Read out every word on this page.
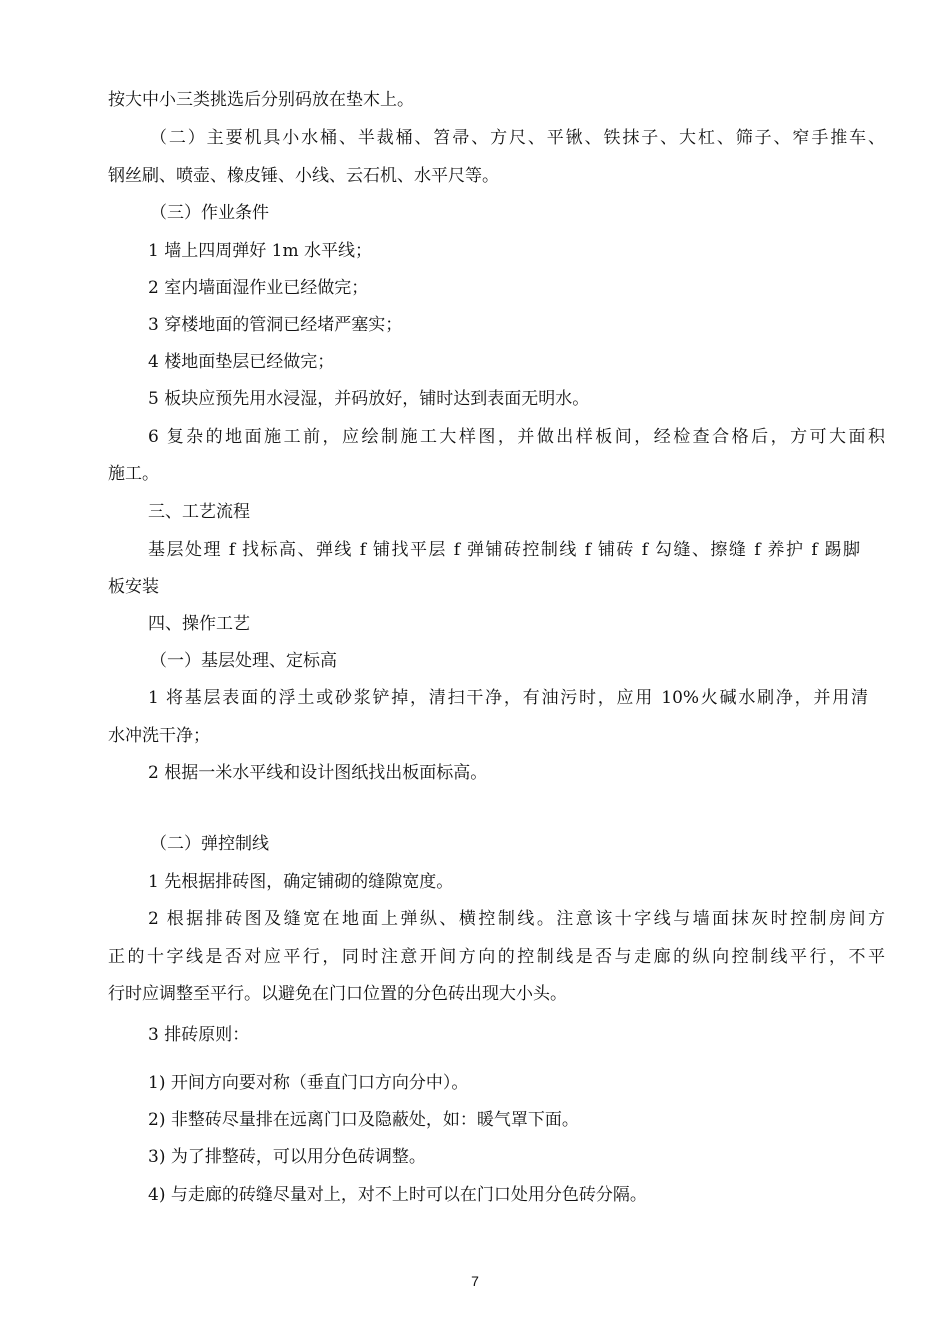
按大中小三类挑选后分别码放在垫木上。
（二）主要机具小水桶、半裁桶、笤帚、方尺、平锹、铁抹子、大杠、筛子、窄手推车、
钢丝刷、喷壶、橡皮锤、小线、云石机、水平尺等。
（三）作业条件
1 墙上四周弹好 1m 水平线；
2 室内墙面湿作业已经做完；
3 穿楼地面的管洞已经堵严塞实；
4 楼地面垫层已经做完；
5 板块应预先用水浸湿，并码放好，铺时达到表面无明水。
6 复杂的地面施工前，应绘制施工大样图，并做出样板间，经检查合格后，方可大面积
施工。
三、工艺流程
基层处理 f 找标高、弹线 f 铺找平层 f 弹铺砖控制线 f 铺砖 f 勾缝、擦缝 f 养护 f 踢脚
板安装
四、操作工艺
（一）基层处理、定标高
1 将基层表面的浮土或砂浆铲掉，清扫干净，有油污时，应用 10%火碱水刷净，并用清
水冲洗干净；
2 根据一米水平线和设计图纸找出板面标高。
（二）弹控制线
1 先根据排砖图，确定铺砌的缝隙宽度。
2 根据排砖图及缝宽在地面上弹纵、横控制线。注意该十字线与墙面抹灰时控制房间方
正的十字线是否对应平行，同时注意开间方向的控制线是否与走廊的纵向控制线平行，不平
行时应调整至平行。以避免在门口位置的分色砖出现大小头。
3 排砖原则：
1) 开间方向要对称（垂直门口方向分中）。
2) 非整砖尽量排在远离门口及隐蔽处，如：暖气罩下面。
3) 为了排整砖，可以用分色砖调整。
4) 与走廊的砖缝尽量对上，对不上时可以在门口处用分色砖分隔。
7
